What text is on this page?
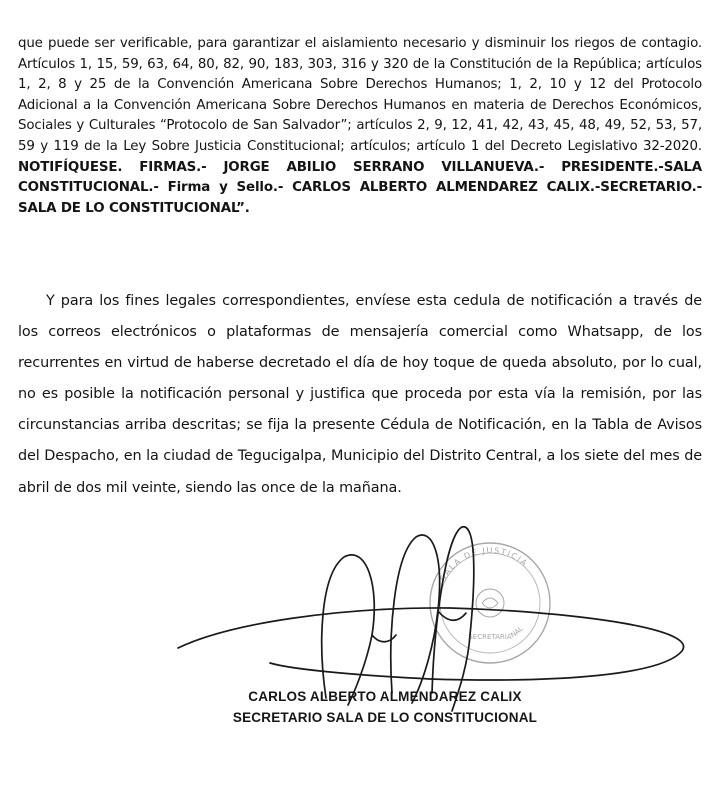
que puede ser verificable, para garantizar el aislamiento necesario y disminuir los riegos de contagio. Artículos 1, 15, 59, 63, 64, 80, 82, 90, 183, 303, 316 y 320 de la Constitución de la República; artículos 1, 2, 8 y 25 de la Convención Americana Sobre Derechos Humanos; 1, 2, 10 y 12 del Protocolo Adicional a la Convención Americana Sobre Derechos Humanos en materia de Derechos Económicos, Sociales y Culturales “Protocolo de San Salvador”; artículos 2, 9, 12, 41, 42, 43, 45, 48, 49, 52, 53, 57, 59 y 119 de la Ley Sobre Justicia Constitucional; artículos; artículo 1 del Decreto Legislativo 32-2020. NOTIFÍQUESE. FIRMAS.- JORGE ABILIO SERRANO VILLANUEVA.- PRESIDENTE.-SALA CONSTITUCIONAL.- Firma y Sello.- CARLOS ALBERTO ALMENDAREZ CALIX.-SECRETARIO.- SALA DE LO CONSTITUCIONAL”.

Y para los fines legales correspondientes, envíese esta cedula de notificación a través de los correos electrónicos o plataformas de mensajería comercial como Whatsapp, de los recurrentes en virtud de haberse decretado el día de hoy toque de queda absoluto, por lo cual, no es posible la notificación personal y justifica que proceda por esta vía la remisión, por las circunstancias arriba descritas; se fija la presente Cédula de Notificación, en la Tabla de Avisos del Despacho, en la ciudad de Tegucigalpa, Municipio del Distrito Central, a los siete del mes de abril de dos mil veinte, siendo las once de la mañana.

SALA DE JUSTICIA
SECRETARIA
NAL
CARLOS ALBERTO ALMENDAREZ CALIX
SECRETARIO SALA DE LO CONSTITUCIONAL
